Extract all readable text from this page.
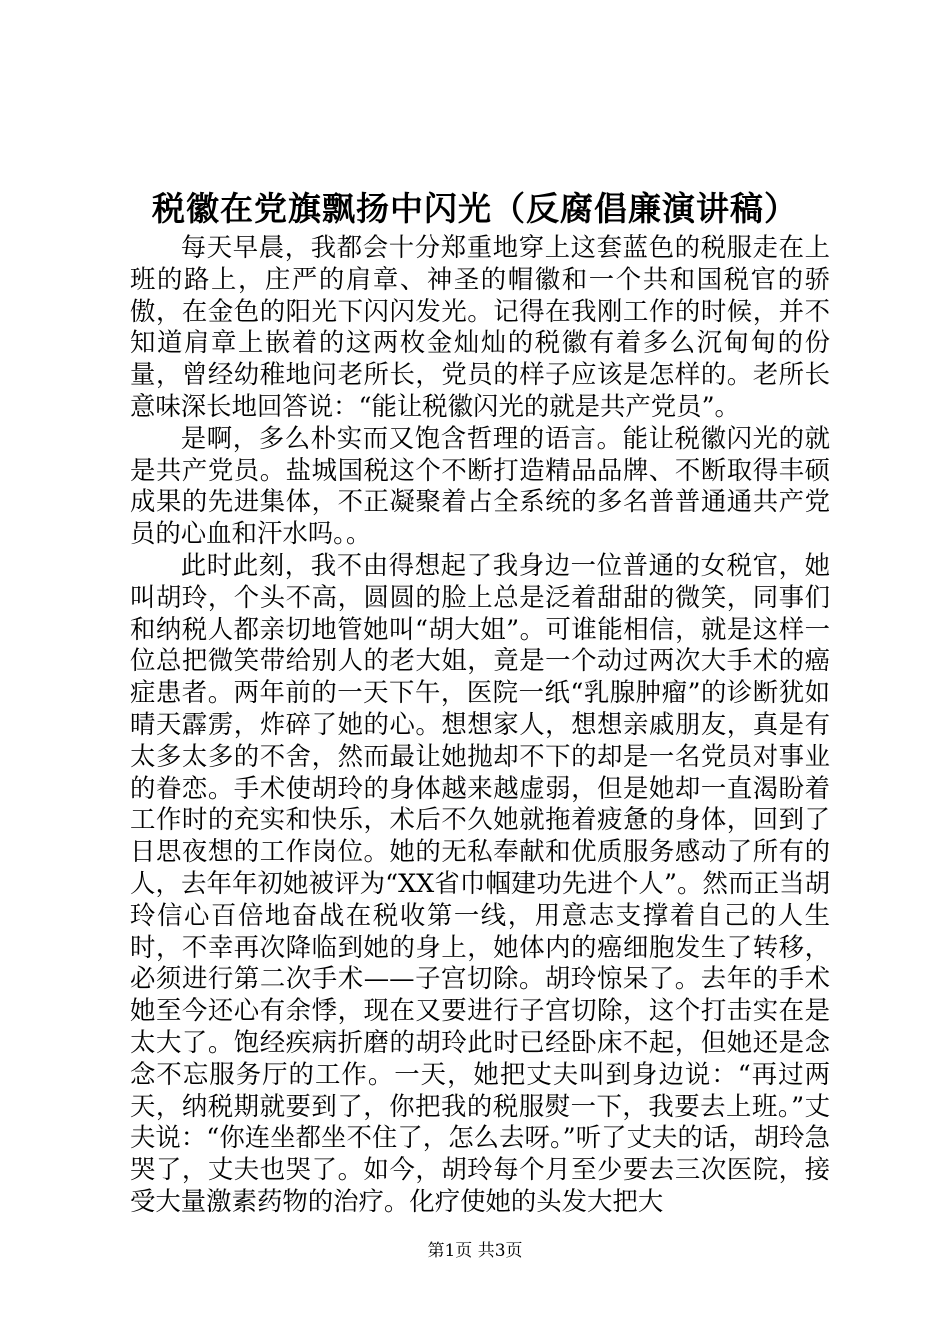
税徽在党旗飘扬中闪光（反腐倡廉演讲稿）

每天早晨，我都会十分郑重地穿上这套蓝色的税服走在上班的路上，庄严的肩章、神圣的帽徽和一个共和国税官的骄傲，在金色的阳光下闪闪发光。记得在我刚工作的时候，并不知道肩章上嵌着的这两枚金灿灿的税徽有着多么沉甸甸的份量，曾经幼稚地问老所长，党员的样子应该是怎样的。老所长意味深长地回答说：“能让税徽闪光的就是共产党员”。

是啊，多么朴实而又饱含哲理的语言。能让税徽闪光的就是共产党员。盐城国税这个不断打造精品品牌、不断取得丰硕成果的先进集体，不正凝聚着占全系统的多名普普通通共产党员的心血和汗水吗。。

此时此刻，我不由得想起了我身边一位普通的女税官，她叫胡玲，个头不高，圆圆的脸上总是泛着甜甜的微笑，同事们和纳税人都亲切地管她叫“胡大姐”。可谁能相信，就是这样一位总把微笑带给别人的老大姐，竟是一个动过两次大手术的癌症患者。两年前的一天下午，医院一纸“乳腺肿瘤”的诊断犹如晴天霹雳，炸碎了她的心。想想家人，想想亲戚朋友，真是有太多太多的不舍，然而最让她抛却不下的却是一名党员对事业的眷恋。手术使胡玲的身体越来越虚弱，但是她却一直渴盼着工作时的充实和快乐，术后不久她就拖着疲惫的身体，回到了日思夜想的工作岗位。她的无私奉献和优质服务感动了所有的人，去年年初她被评为“XX省巾帼建功先进个人”。然而正当胡玲信心百倍地奋战在税收第一线，用意志支撑着自己的人生时，不幸再次降临到她的身上，她体内的癌细胞发生了转移，必须进行第二次手术——子宫切除。胡玲惊呆了。去年的手术她至今还心有余悸，现在又要进行子宫切除，这个打击实在是太大了。饱经疾病折磨的胡玲此时已经卧床不起，但她还是念念不忘服务厅的工作。一天，她把丈夫叫到身边说：“再过两天，纳税期就要到了，你把我的税服熨一下，我要去上班。”丈夫说：“你连坐都坐不住了，怎么去呀。”听了丈夫的话，胡玲急哭了，丈夫也哭了。如今，胡玲每个月至少要去三次医院，接受大量激素药物的治疗。化疗使她的头发大把大

第1页 共3页
